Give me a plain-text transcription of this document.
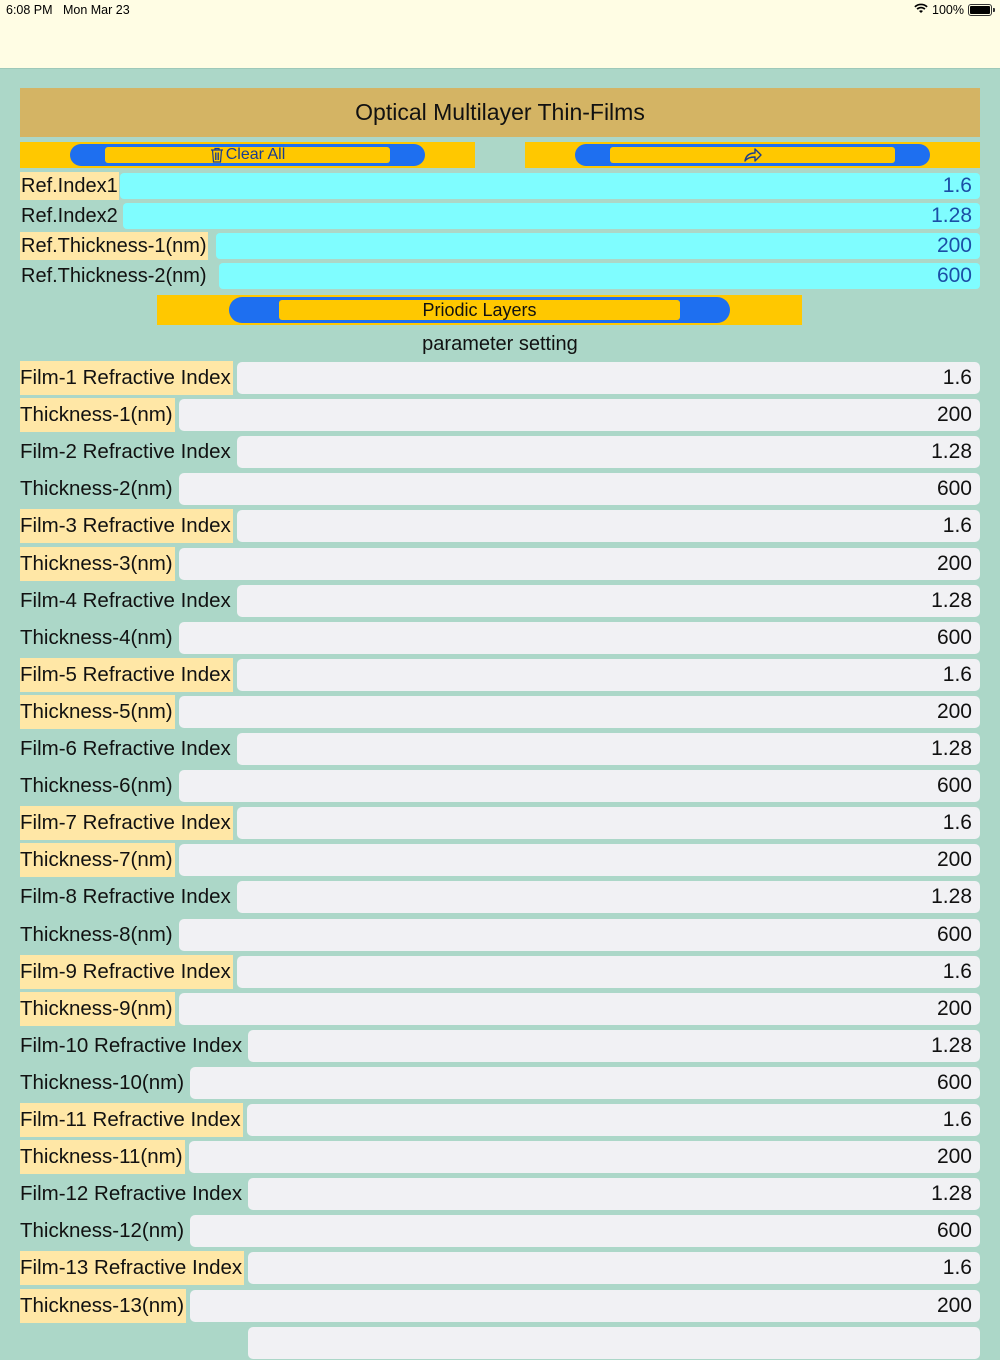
6:08 PM Mon Mar 23	100%
Optical Multilayer Thin-Films
Clear All
Ref.Index1	1.6
Ref.Index2	1.28
Ref.Thickness-1(nm)	200
Ref.Thickness-2(nm)	600
Priodic Layers
parameter setting
Film-1 Refractive Index	1.6
Thickness-1(nm)	200
Film-2 Refractive Index	1.28
Thickness-2(nm)	600
Film-3 Refractive Index	1.6
Thickness-3(nm)	200
Film-4 Refractive Index	1.28
Thickness-4(nm)	600
Film-5 Refractive Index	1.6
Thickness-5(nm)	200
Film-6 Refractive Index	1.28
Thickness-6(nm)	600
Film-7 Refractive Index	1.6
Thickness-7(nm)	200
Film-8 Refractive Index	1.28
Thickness-8(nm)	600
Film-9 Refractive Index	1.6
Thickness-9(nm)	200
Film-10 Refractive Index	1.28
Thickness-10(nm)	600
Film-11 Refractive Index	1.6
Thickness-11(nm)	200
Film-12 Refractive Index	1.28
Thickness-12(nm)	600
Film-13 Refractive Index	1.6
Thickness-13(nm)	200
